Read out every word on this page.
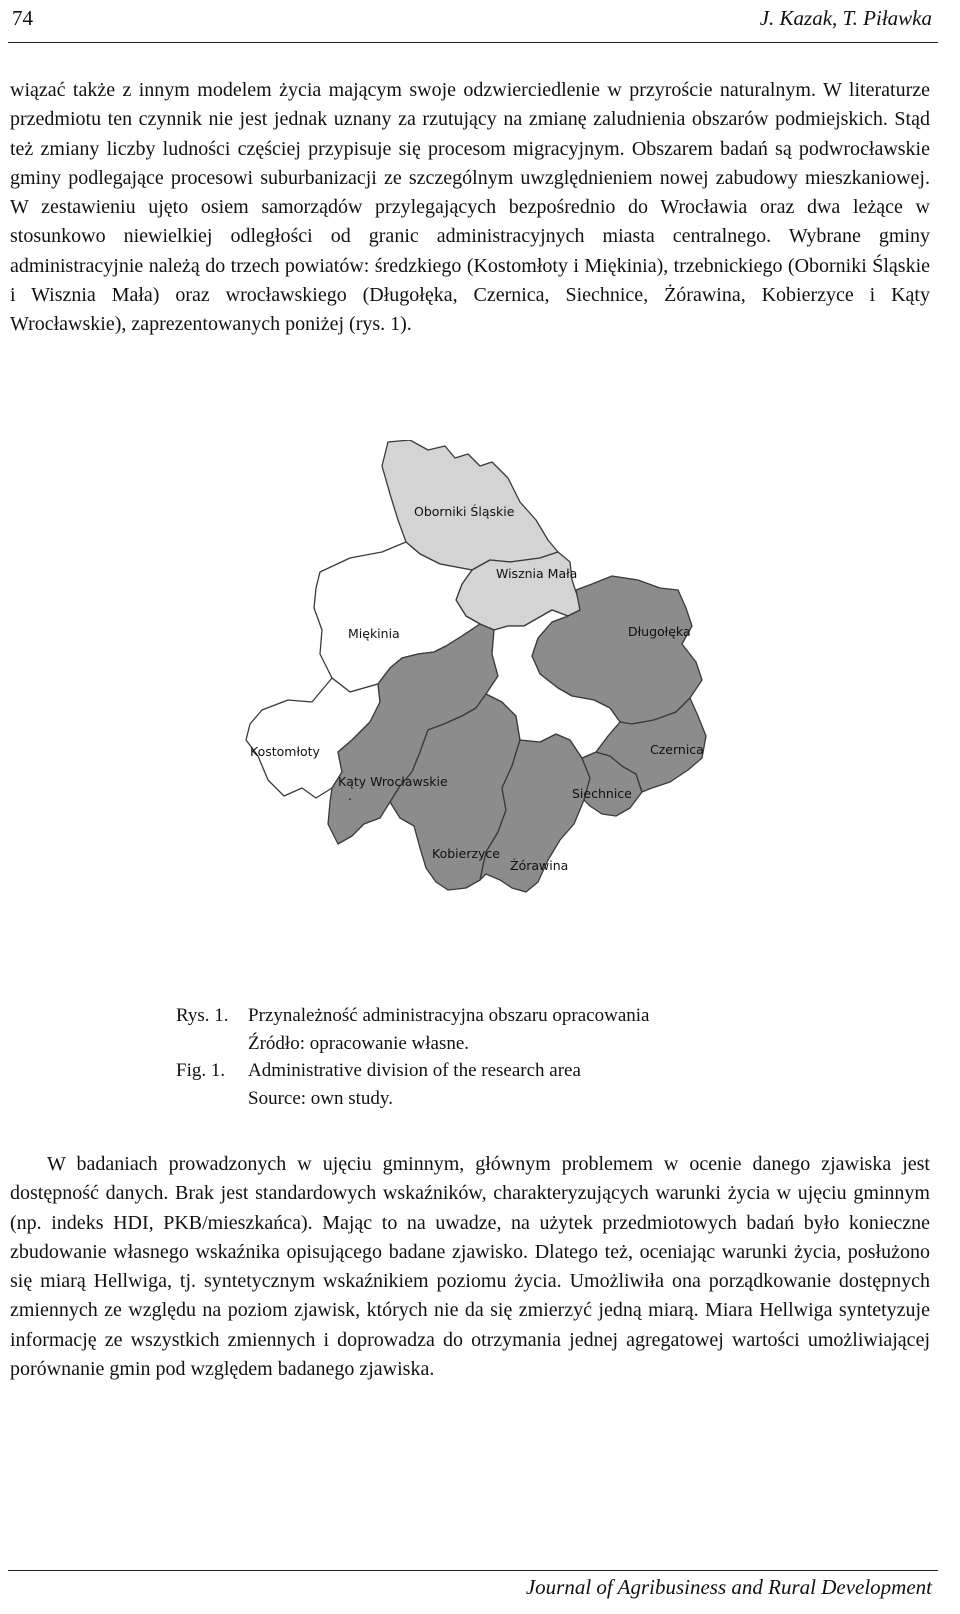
74	J. Kazak, T. Piławka

wiązać także z innym modelem życia mającym swoje odzwierciedlenie w przyroście naturalnym. W literaturze przedmiotu ten czynnik nie jest jednak uznany za rzutujący na zmianę zaludnienia obszarów podmiejskich. Stąd też zmiany liczby ludności częściej przypisuje się procesom migracyjnym. Obszarem badań są podwrocławskie gminy podlegające procesowi suburbanizacji ze szczególnym uwzględnieniem nowej zabudowy mieszkaniowej. W zestawieniu ujęto osiem samorządów przylegających bezpośrednio do Wrocławia oraz dwa leżące w stosunkowo niewielkiej odległości od granic administracyjnych miasta centralnego. Wybrane gminy administracyjnie należą do trzech powiatów: średzkiego (Kostomłoty i Miękinia), trzebnickiego (Oborniki Śląskie i Wisznia Mała) oraz wrocławskiego (Długołęka, Czernica, Siechnice, Żórawina, Kobierzyce i Kąty Wrocławskie), zaprezentowanych poniżej (rys. 1).

Oborniki Śląskie
Wisznia Mała
Miękinia	Długołęka
Kostomłoty	Czernica
Kąty Wrocławskie
.	Siechnice
Kobierzyce
Żórawina
Rys. 1.	Przynależność administracyjna obszaru opracowania
Źródło: opracowanie własne.
Fig. 1.	Administrative division of the research area
Source: own study.

W badaniach prowadzonych w ujęciu gminnym, głównym problemem w ocenie danego zjawiska jest dostępność danych. Brak jest standardowych wskaźników, charakteryzujących warunki życia w ujęciu gminnym (np. indeks HDI, PKB/mieszkańca). Mając to na uwadze, na użytek przedmiotowych badań było konieczne zbudowanie własnego wskaźnika opisującego badane zjawisko. Dlatego też, oceniając warunki życia, posłużono się miarą Hellwiga, tj. syntetycznym wskaźnikiem poziomu życia. Umożliwiła ona porządkowanie dostępnych zmiennych ze względu na poziom zjawisk, których nie da się zmierzyć jedną miarą. Miara Hellwiga syntetyzuje informację ze wszystkich zmiennych i doprowadza do otrzymania jednej agregatowej wartości umożliwiającej porównanie gmin pod względem badanego zjawiska.

Journal of Agribusiness and Rural Development
